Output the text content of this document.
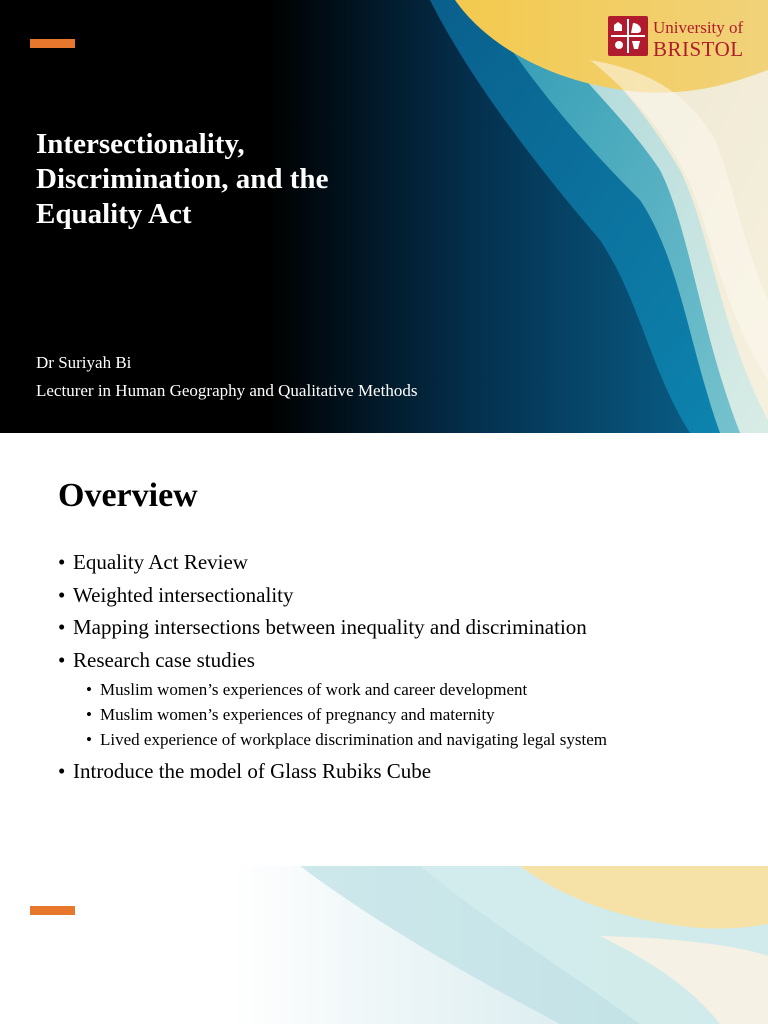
University of
BRISTOL
Intersectionality, Discrimination, and the Equality Act
Dr Suriyah Bi
Lecturer in Human Geography and Qualitative Methods
Overview
• Equality Act Review
• Weighted intersectionality
• Mapping intersections between inequality and discrimination
• Research case studies
• Muslim women’s experiences of work and career development
• Muslim women’s experiences of pregnancy and maternity
• Lived experience of workplace discrimination and navigating legal system
• Introduce the model of Glass Rubiks Cube
